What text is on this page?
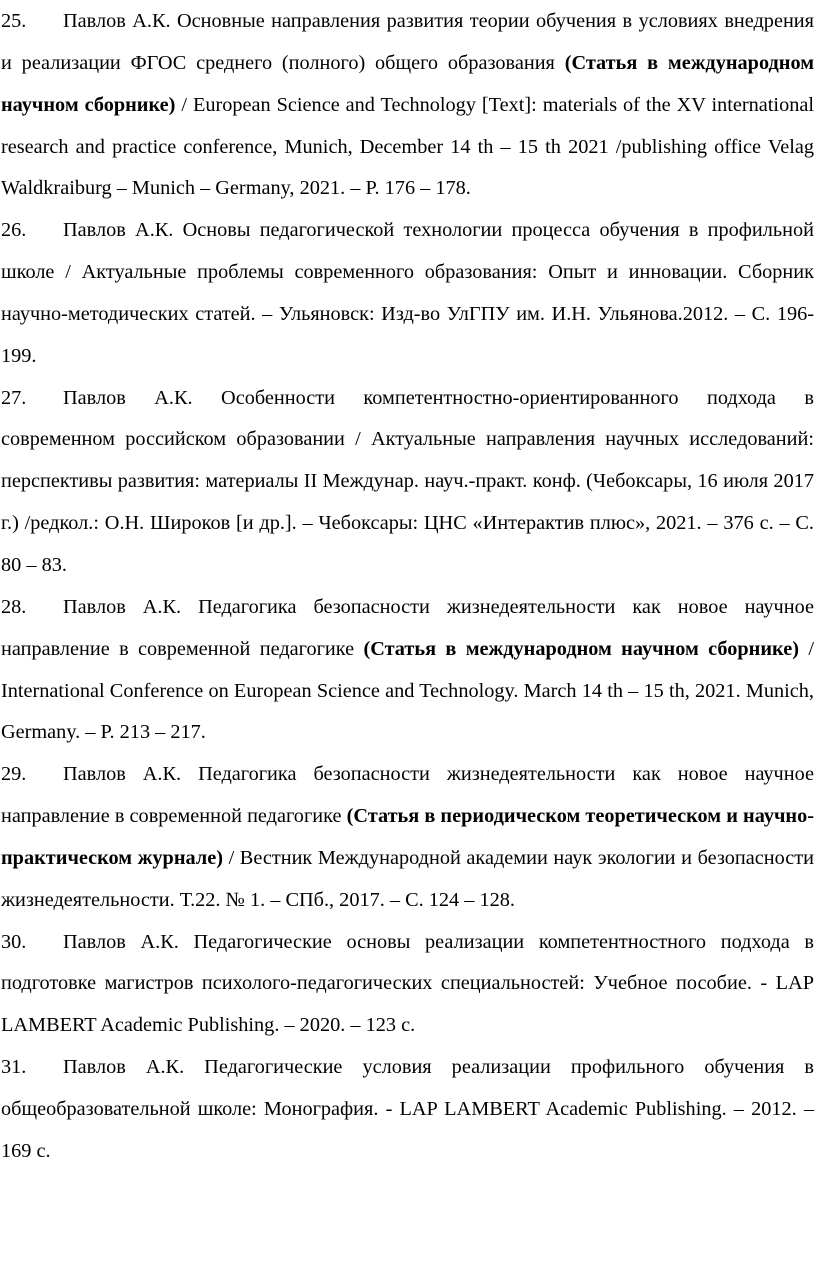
25. Павлов А.К. Основные направления развития теории обучения в условиях внедрения и реализации ФГОС среднего (полного) общего образования (Статья в международном научном сборнике) / European Science and Technology [Text]: materials of the XV international research and practice conference, Munich, December 14 th – 15 th 2021 /publishing office Velag Waldkraiburg – Munich – Germany, 2021. – P. 176 – 178.

26. Павлов А.К. Основы педагогической технологии процесса обучения в профильной школе / Актуальные проблемы современного образования: Опыт и инновации. Сборник научно-методических статей. – Ульяновск: Изд-во УлГПУ им. И.Н. Ульянова.2012. – С. 196-199.

27. Павлов А.К. Особенности компетентностно-ориентированного подхода в современном российском образовании / Актуальные направления научных исследований: перспективы развития: материалы II Междунар. науч.-практ. конф. (Чебоксары, 16 июля 2017 г.) /редкол.: О.Н. Широков [и др.]. – Чебоксары: ЦНС «Интерактив плюс», 2021. – 376 с. – С. 80 – 83.

28. Павлов А.К. Педагогика безопасности жизнедеятельности как новое научное направление в современной педагогике (Статья в международном научном сборнике) / International Conference on European Science and Technology. March 14 th – 15 th, 2021. Munich, Germany. – P. 213 – 217.

29. Павлов А.К. Педагогика безопасности жизнедеятельности как новое научное направление в современной педагогике (Статья в периодическом теоретическом и научно-практическом журнале) / Вестник Международной академии наук экологии и безопасности жизнедеятельности. Т.22. № 1. – СПб., 2017. – С. 124 – 128.

30. Павлов А.К. Педагогические основы реализации компетентностного подхода в подготовке магистров психолого-педагогических специальностей: Учебное пособие. - LAP LAMBERT Academic Publishing. – 2020. – 123 с.

31. Павлов А.К. Педагогические условия реализации профильного обучения в общеобразовательной школе: Монография. - LAP LAMBERT Academic Publishing. – 2012. – 169 с.
